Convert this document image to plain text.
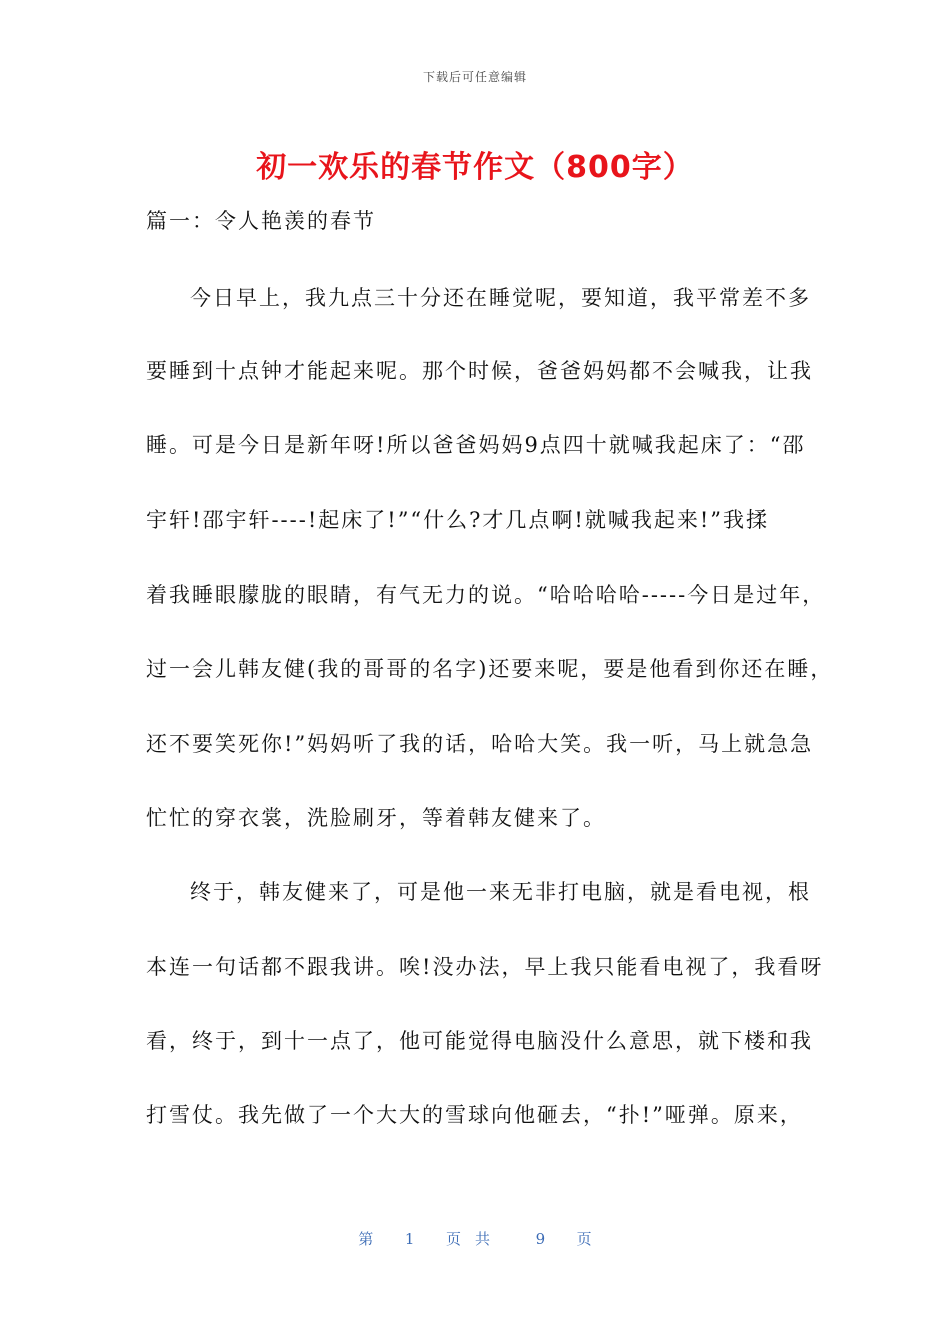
下载后可任意编辑
初一欢乐的春节作文（800字）
篇一：令人艳羡的春节
今日早上，我九点三十分还在睡觉呢，要知道，我平常差不多
要睡到十点钟才能起来呢。那个时候，爸爸妈妈都不会喊我，让我
睡。可是今日是新年呀!所以爸爸妈妈9点四十就喊我起床了：“邵
宇轩!邵宇轩----!起床了!”“什么?才几点啊!就喊我起来!”我揉
着我睡眼朦胧的眼睛，有气无力的说。“哈哈哈哈-----今日是过年，
过一会儿韩友健(我的哥哥的名字)还要来呢，要是他看到你还在睡，
还不要笑死你!”妈妈听了我的话，哈哈大笑。我一听，马上就急急
忙忙的穿衣裳，洗脸刷牙，等着韩友健来了。
终于，韩友健来了，可是他一来无非打电脑，就是看电视，根
本连一句话都不跟我讲。唉!没办法，早上我只能看电视了，我看呀
看，终于，到十一点了，他可能觉得电脑没什么意思，就下楼和我
打雪仗。我先做了一个大大的雪球向他砸去，“扑!”哑弹。原来，
第 1 页共 9 页
